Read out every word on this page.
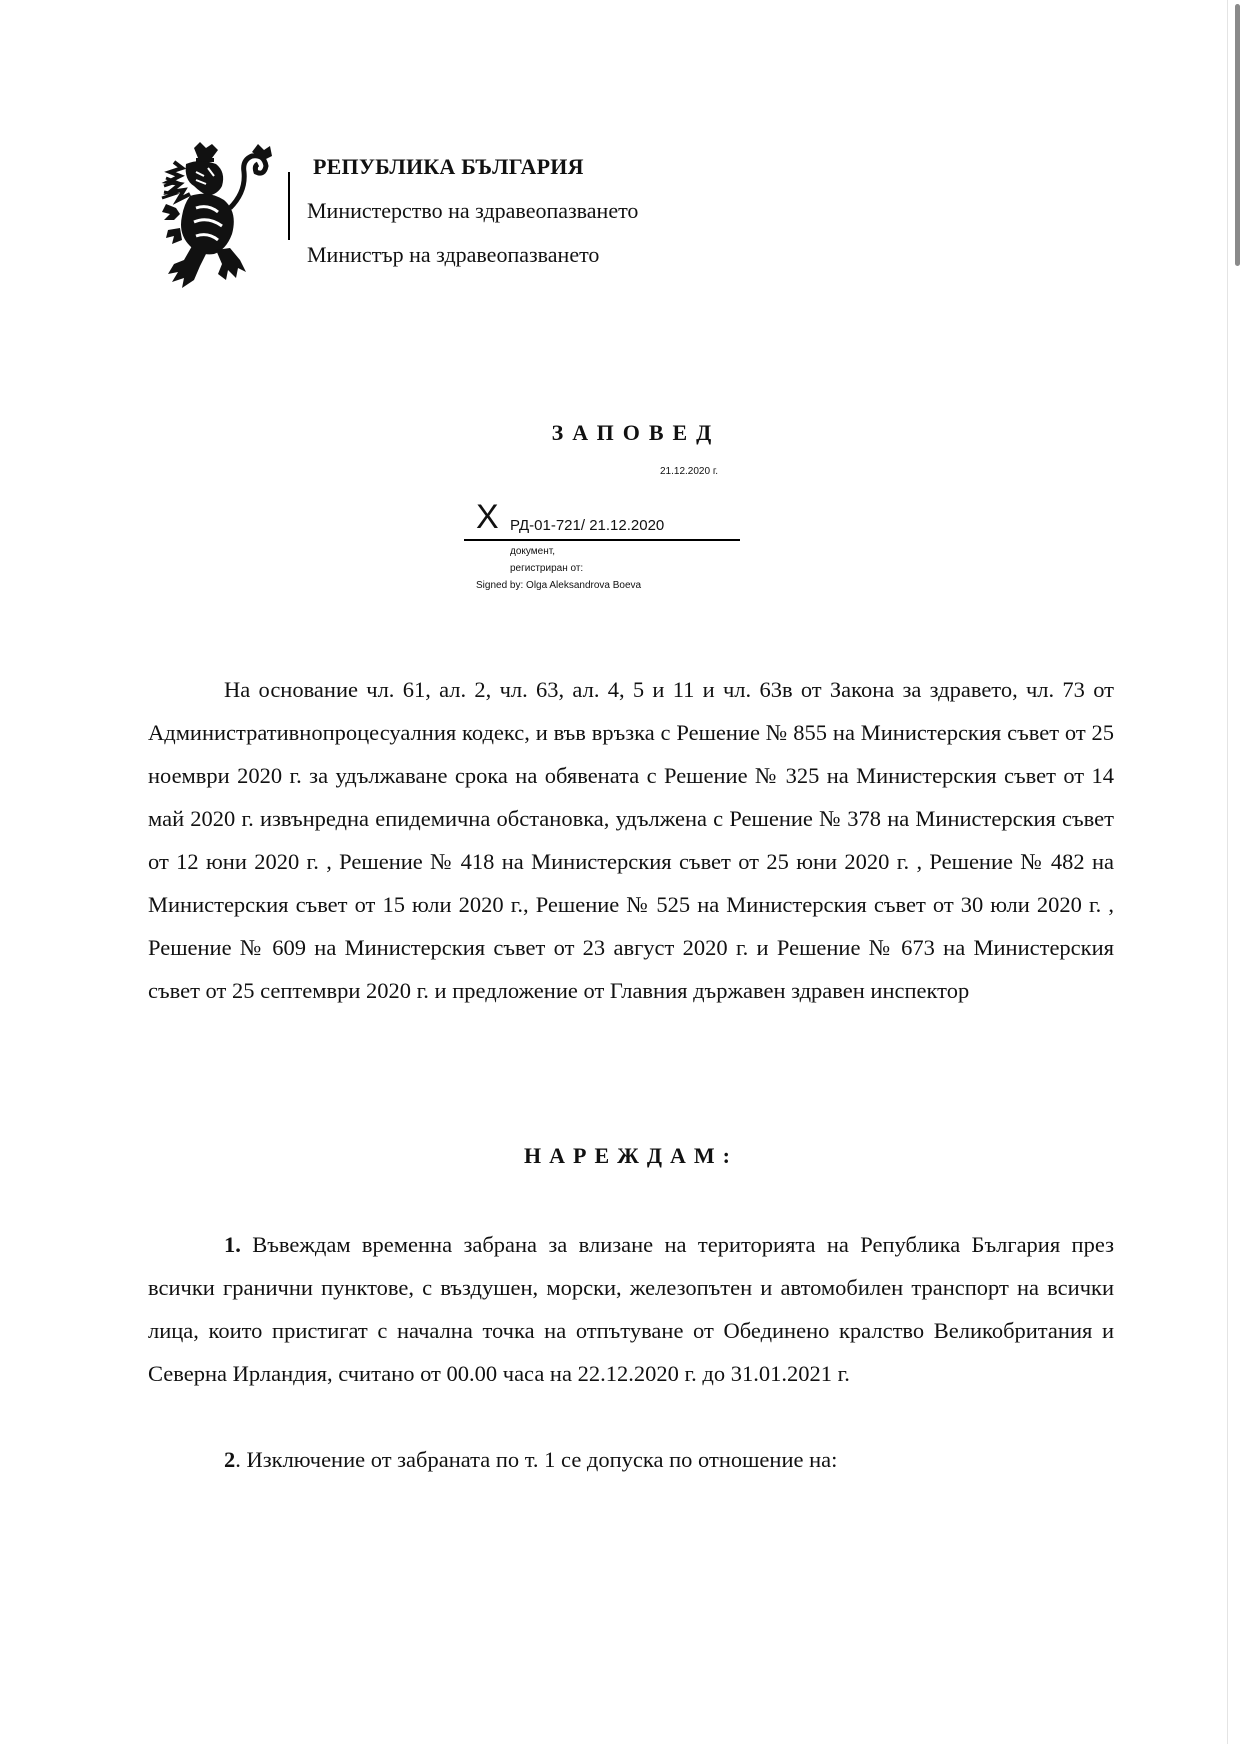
РЕПУБЛИКА БЪЛГАРИЯ
Министерство на здравеопазването
Министър на здравеопазването
ЗАПОВЕД
21.12.2020 г.
X РД-01-721/ 21.12.2020
документ,
регистриран от:
Signed by: Olga Aleksandrova Boeva

На основание чл. 61, ал. 2, чл. 63, ал. 4, 5 и 11 и чл. 63в от Закона за здравето, чл. 73 от Административнопроцесуалния кодекс, и във връзка с Решение № 855 на Министерския съвет от 25 ноември 2020 г. за удължаване срока на обявената с Решение № 325 на Министерския съвет от 14 май 2020 г. извънредна епидемична обстановка, удължена с Решение № 378 на Министерския съвет от 12 юни 2020 г. , Решение № 418 на Министерския съвет от 25 юни 2020 г. , Решение № 482 на Министерския съвет от 15 юли 2020 г., Решение № 525 на Министерския съвет от 30 юли 2020 г. , Решение № 609 на Министерския съвет от 23 август 2020 г. и Решение № 673 на Министерския съвет от 25 септември 2020 г. и предложение от Главния държавен здравен инспектор

НАРЕЖДАМ:

1. Въвеждам временна забрана за влизане на територията на Република България през всички гранични пунктове, с въздушен, морски, железопътен и автомобилен транспорт на всички лица, които пристигат с начална точка на отпътуване от Обединено кралство Великобритания и Северна Ирландия, считано от 00.00 часа на 22.12.2020 г. до 31.01.2021 г.

2. Изключение от забраната по т. 1 се допуска по отношение на:
